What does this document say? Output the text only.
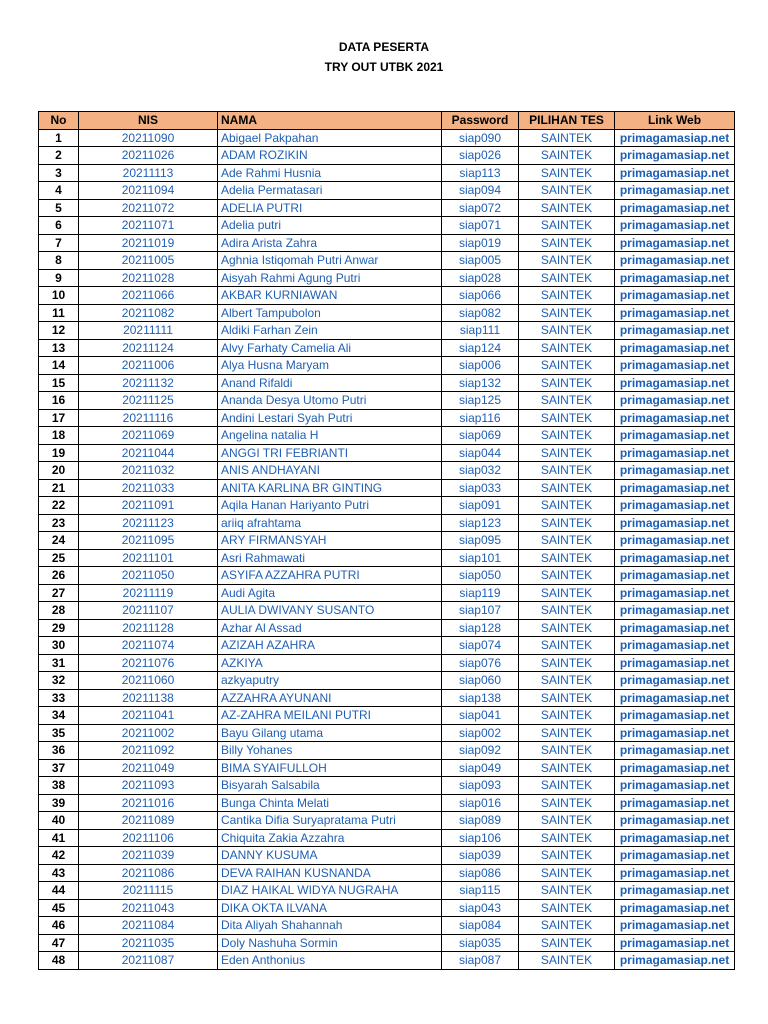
DATA PESERTA
TRY OUT UTBK 2021
No	NIS	NAMA	Password	PILIHAN TES	Link Web
1	20211090	Abigael Pakpahan	siap090	SAINTEK	primagamasiap.net
2	20211026	ADAM ROZIKIN	siap026	SAINTEK	primagamasiap.net
3	20211113	Ade Rahmi Husnia	siap113	SAINTEK	primagamasiap.net
4	20211094	Adelia Permatasari	siap094	SAINTEK	primagamasiap.net
5	20211072	ADELIA PUTRI	siap072	SAINTEK	primagamasiap.net
6	20211071	Adelia putri	siap071	SAINTEK	primagamasiap.net
7	20211019	Adira Arista Zahra	siap019	SAINTEK	primagamasiap.net
8	20211005	Aghnia Istiqomah Putri Anwar	siap005	SAINTEK	primagamasiap.net
9	20211028	Aisyah Rahmi Agung Putri	siap028	SAINTEK	primagamasiap.net
10	20211066	AKBAR KURNIAWAN	siap066	SAINTEK	primagamasiap.net
11	20211082	Albert Tampubolon	siap082	SAINTEK	primagamasiap.net
12	20211111	Aldiki Farhan Zein	siap111	SAINTEK	primagamasiap.net
13	20211124	Alvy Farhaty Camelia Ali	siap124	SAINTEK	primagamasiap.net
14	20211006	Alya Husna Maryam	siap006	SAINTEK	primagamasiap.net
15	20211132	Anand Rifaldi	siap132	SAINTEK	primagamasiap.net
16	20211125	Ananda Desya Utomo Putri	siap125	SAINTEK	primagamasiap.net
17	20211116	Andini Lestari Syah Putri	siap116	SAINTEK	primagamasiap.net
18	20211069	Angelina natalia H	siap069	SAINTEK	primagamasiap.net
19	20211044	ANGGI TRI FEBRIANTI	siap044	SAINTEK	primagamasiap.net
20	20211032	ANIS ANDHAYANI	siap032	SAINTEK	primagamasiap.net
21	20211033	ANITA KARLINA BR GINTING	siap033	SAINTEK	primagamasiap.net
22	20211091	Aqila Hanan Hariyanto Putri	siap091	SAINTEK	primagamasiap.net
23	20211123	ariiq afrahtama	siap123	SAINTEK	primagamasiap.net
24	20211095	ARY FIRMANSYAH	siap095	SAINTEK	primagamasiap.net
25	20211101	Asri Rahmawati	siap101	SAINTEK	primagamasiap.net
26	20211050	ASYIFA AZZAHRA PUTRI	siap050	SAINTEK	primagamasiap.net
27	20211119	Audi Agita	siap119	SAINTEK	primagamasiap.net
28	20211107	AULIA DWIVANY SUSANTO	siap107	SAINTEK	primagamasiap.net
29	20211128	Azhar Al Assad	siap128	SAINTEK	primagamasiap.net
30	20211074	AZIZAH AZAHRA	siap074	SAINTEK	primagamasiap.net
31	20211076	AZKIYA	siap076	SAINTEK	primagamasiap.net
32	20211060	azkyaputry	siap060	SAINTEK	primagamasiap.net
33	20211138	AZZAHRA AYUNANI	siap138	SAINTEK	primagamasiap.net
34	20211041	AZ-ZAHRA MEILANI PUTRI	siap041	SAINTEK	primagamasiap.net
35	20211002	Bayu Gilang utama	siap002	SAINTEK	primagamasiap.net
36	20211092	Billy Yohanes	siap092	SAINTEK	primagamasiap.net
37	20211049	BIMA SYAIFULLOH	siap049	SAINTEK	primagamasiap.net
38	20211093	Bisyarah Salsabila	siap093	SAINTEK	primagamasiap.net
39	20211016	Bunga Chinta Melati	siap016	SAINTEK	primagamasiap.net
40	20211089	Cantika Difia Suryapratama Putri	siap089	SAINTEK	primagamasiap.net
41	20211106	Chiquita Zakia Azzahra	siap106	SAINTEK	primagamasiap.net
42	20211039	DANNY KUSUMA	siap039	SAINTEK	primagamasiap.net
43	20211086	DEVA RAIHAN KUSNANDA	siap086	SAINTEK	primagamasiap.net
44	20211115	DIAZ HAIKAL WIDYA NUGRAHA	siap115	SAINTEK	primagamasiap.net
45	20211043	DIKA OKTA ILVANA	siap043	SAINTEK	primagamasiap.net
46	20211084	Dita Aliyah Shahannah	siap084	SAINTEK	primagamasiap.net
47	20211035	Doly Nashuha Sormin	siap035	SAINTEK	primagamasiap.net
48	20211087	Eden Anthonius	siap087	SAINTEK	primagamasiap.net
